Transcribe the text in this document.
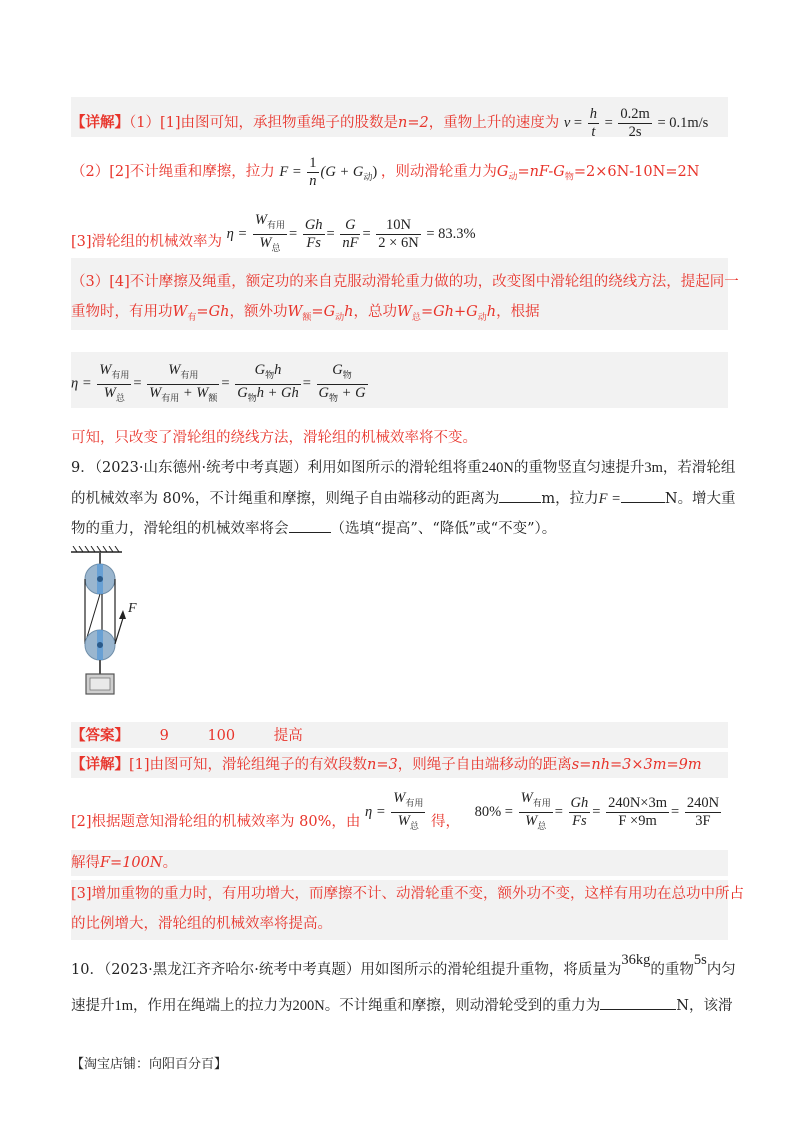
【详解】（1）[1]由图可知，承担物重绳子的股数是n=2，重物上升的速度为 $v = \frac{h}{t} = \frac{0.2m}{2s} = 0.1m/s$
（2）[2]不计绳重和摩擦，拉力 $F = \frac{1}{n} (G + G_动)$ ，则动滑轮重力为$G_动=nF-G_物=2\times 6N-10N=2N$
[3]滑轮组的机械效率为 $\eta = \frac{W_{有用}}{W_总} = \frac{Gh}{Fs} = \frac{G}{nF} = \frac{10N}{2 \times 6N} = 83.3\%$
（3）[4]不计摩擦及绳重，额定功的来自克服动滑轮重力做的功，改变图中滑轮组的绕线方法，提起同一
重物时，有用功$W_有=Gh$，额外功$W_额=G_动h$，总功$W_总=Gh+G_动h$，根据
$\eta = \frac{W_{有用}}{W_总} = \frac{W_{有用}}{W_{有用} + W_额} = \frac{G_物h}{G_物h + Gh} = \frac{G_物}{G_物 + G}$
可知，只改变了滑轮组的绕线方法，滑轮组的机械效率将不变。
9．（2023·山东德州·统考中考真题）利用如图所示的滑轮组将重240N的重物竖直匀速提升3m，若滑轮组
的机械效率为 80%，不计绳重和摩擦，则绳子自由端移动的距离为	m，拉力F =	N。增大重
物的重力，滑轮组的机械效率将会	（选填“提高”、“降低”或“不变”）。
F
【答案】 9	100	提高
【详解】[1]由图可知，滑轮组绳子的有效段数n=3，则绳子自由端移动的距离s=nh=3×3m=9m
[2]根据题意知滑轮组的机械效率为 80%，由 $\eta = \frac{W_{有用}}{W_总}$ 得， $80\% = \frac{W_{有用}}{W_总} = \frac{Gh}{Fs} = \frac{240N\times 3m}{F \times 9m} = \frac{240N}{3F}$
解得F=100N。
[3]增加重物的重力时，有用功增大，而摩擦不计、动滑轮重不变，额外功不变，这样有用功在总功中所占
的比例增大，滑轮组的机械效率将提高。
10．（2023·黑龙江齐齐哈尔·统考中考真题）用如图所示的滑轮组提升重物，将质量为36kg的重物5s内匀
速提升1m，作用在绳端上的拉力为200N。不计绳重和摩擦，则动滑轮受到的重力为	N，该滑
【淘宝店铺：向阳百分百】
